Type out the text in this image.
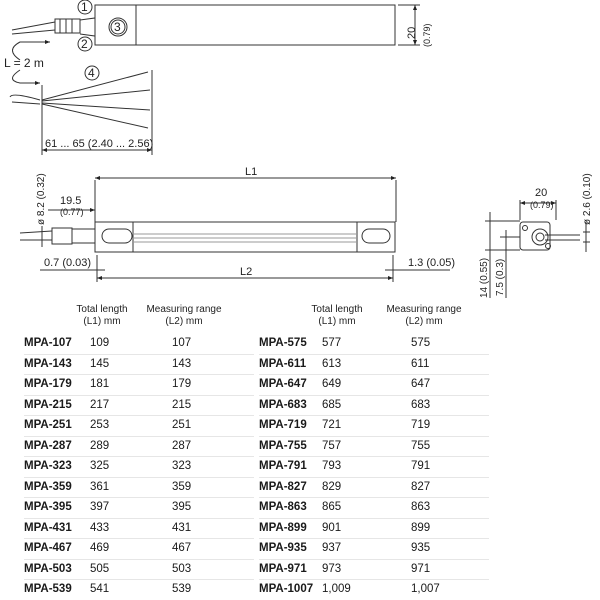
1
2
3
4
L = 2 m
61 ... 65 (2.40 ... 2.56)
20 (0.79)
L1
L2
19.5
(0.77)
0.7 (0.03)	1.3 (0.05)
ø 8.2 (0.32)	20
(0.79)	ø 2.6 (0.10)
14 (0.55) 7.5 (0.3)
Total length
(L1) mm
Measuring range
(L2) mm
MPA-107 109	107
MPA-143 145	143
MPA-179 181	179
MPA-215 217	215
MPA-251 253	251
MPA-287 289	287
MPA-323 325	323
MPA-359 361	359
MPA-395 397	395
MPA-431 433	431
MPA-467 469	467
MPA-503 505	503
MPA-539 541	539
Total length
(L1) mm
Measuring range
(L2) mm
MPA-575 577	575
MPA-611 613	611
MPA-647 649	647
MPA-683 685	683
MPA-719 721	719
MPA-755 757	755
MPA-791 793	791
MPA-827 829	827
MPA-863 865	863
MPA-899 901	899
MPA-935 937	935
MPA-971 973	971
MPA-1007 1,009	1,007
